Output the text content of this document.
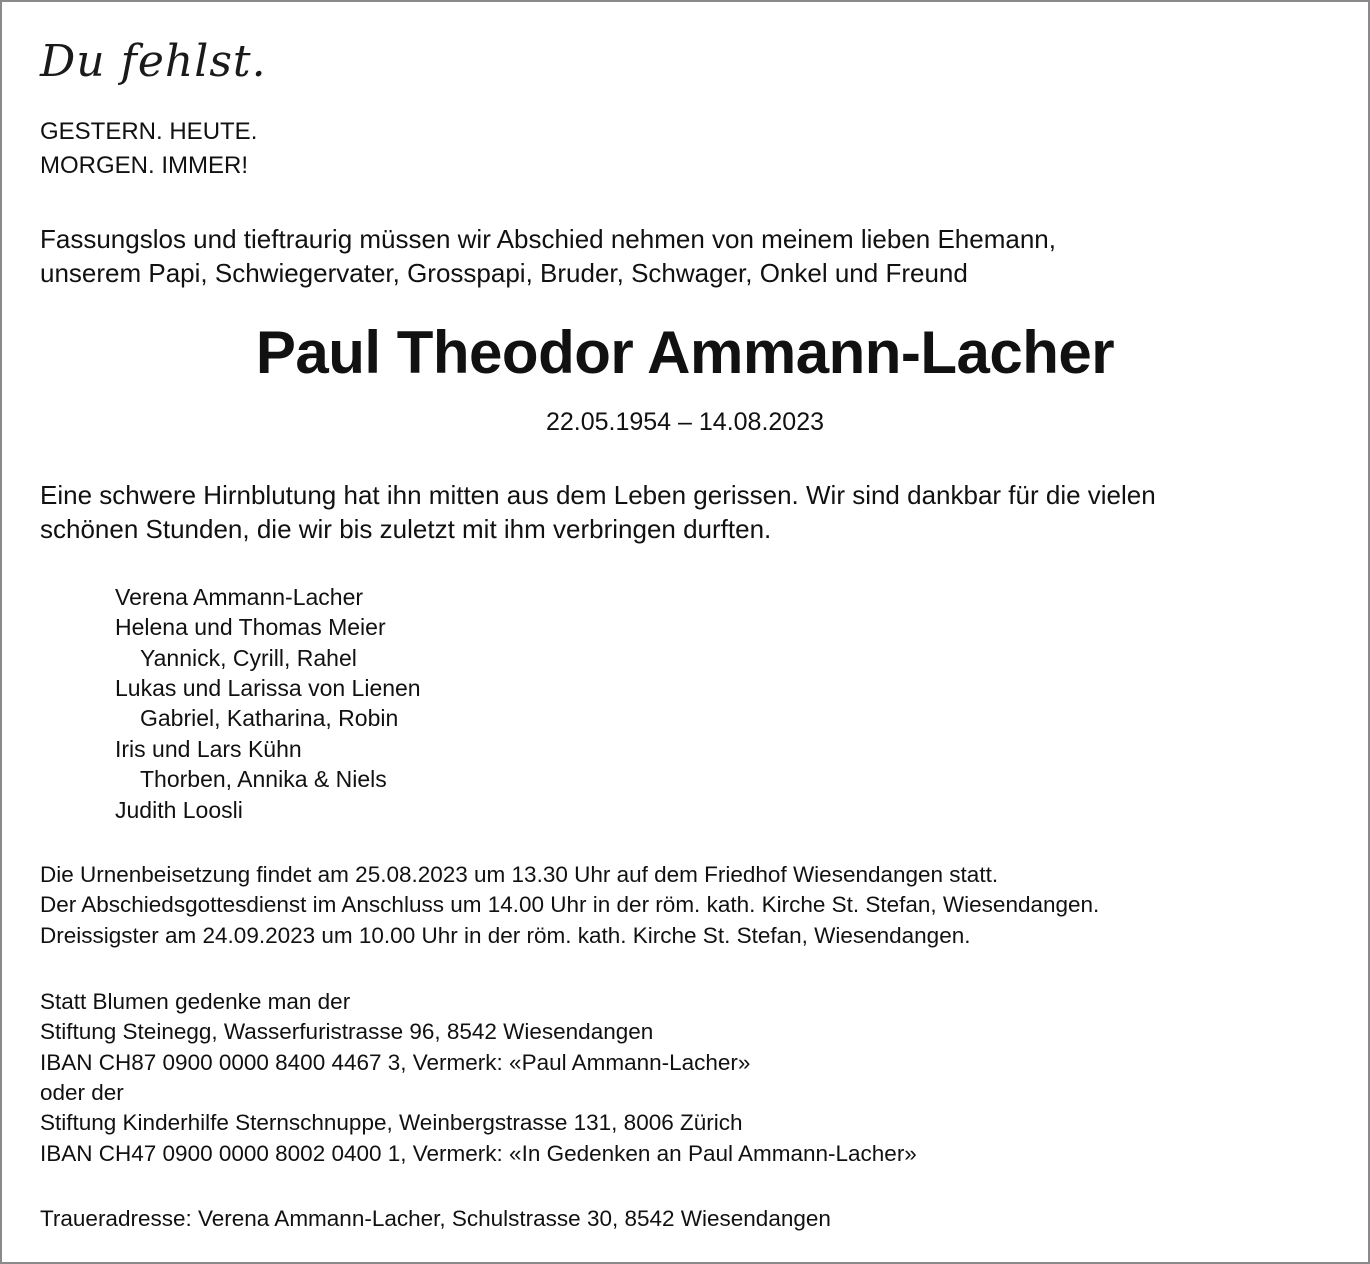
Du fehlst.
GESTERN. HEUTE.
MORGEN. IMMER!
Fassungslos und tieftraurig müssen wir Abschied nehmen von meinem lieben Ehemann,
unserem Papi, Schwiegervater, Grosspapi, Bruder, Schwager, Onkel und Freund
Paul Theodor Ammann-Lacher
22.05.1954 – 14.08.2023
Eine schwere Hirnblutung hat ihn mitten aus dem Leben gerissen. Wir sind dankbar für die vielen
schönen Stunden, die wir bis zuletzt mit ihm verbringen durften.
Verena Ammann-Lacher
Helena und Thomas Meier
Yannick, Cyrill, Rahel
Lukas und Larissa von Lienen
Gabriel, Katharina, Robin
Iris und Lars Kühn
Thorben, Annika & Niels
Judith Loosli
Die Urnenbeisetzung findet am 25.08.2023 um 13.30 Uhr auf dem Friedhof Wiesendangen statt.
Der Abschiedsgottesdienst im Anschluss um 14.00 Uhr in der röm. kath. Kirche St. Stefan, Wiesendangen.
Dreissigster am 24.09.2023 um 10.00 Uhr in der röm. kath. Kirche St. Stefan, Wiesendangen.
Statt Blumen gedenke man der
Stiftung Steinegg, Wasserfuristrasse 96, 8542 Wiesendangen
IBAN CH87 0900 0000 8400 4467 3, Vermerk: «Paul Ammann-Lacher»
oder der
Stiftung Kinderhilfe Sternschnuppe, Weinbergstrasse 131, 8006 Zürich
IBAN CH47 0900 0000 8002 0400 1, Vermerk: «In Gedenken an Paul Ammann-Lacher»
Traueradresse: Verena Ammann-Lacher, Schulstrasse 30, 8542 Wiesendangen
